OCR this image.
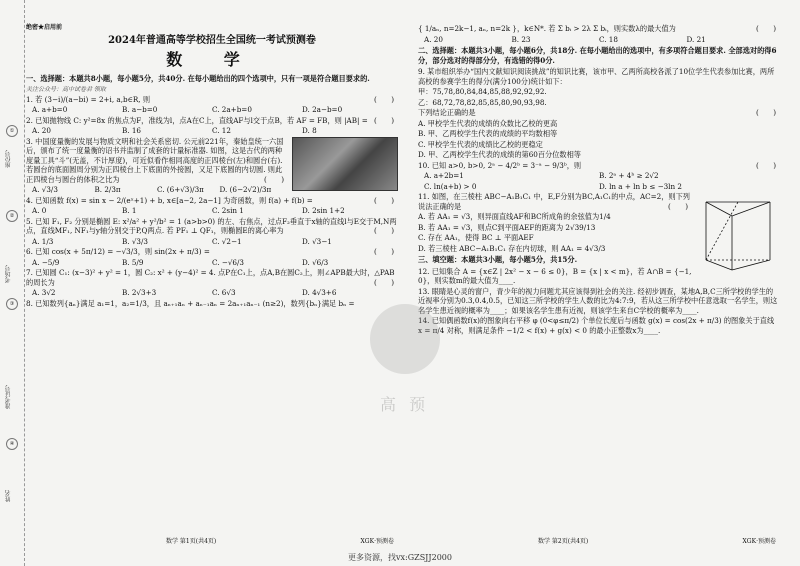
座位号
考场号
准考证号
姓名
①
②
③
④
绝密★启用前
2024年普通高等学校招生全国统一考试预测卷
数 学
一、选择题：本题共8小题，每小题5分，共40分. 在每小题给出的四个选项中，只有一项是符合题目要求的.
关注公众号：高中试卷君 领取
1. 若 (3−i)/(a−bi) = 2+i, a,b∈R, 则	(　　)
A. a+b=0	B. a−b=0	C. 2a+b=0	D. 2a−b=0
2. 已知抛物线 C: y²=8x 的焦点为F，准线为l，点A在C上，直线AF与l交于点B，若 AF = FB，则 |AB| = (　　)
A. 20	B. 16	C. 12	D. 8
3. 中国度量衡的发展与物质文明和社会关系密切. 公元前221年，秦始皇统一六国后，颁布了统一度量衡的诏书并监制了成套的计量标准器. 如图，这是古代的两种度量工具“斗”(无盖，不计厚度)，可近似看作相同高度的正四棱台(左)和圆台(右). 若圆台的底面圆周分别为正四棱台上下底面的外接圆，又足下底圆的内切圆. 则此正四棱台与圆台的体积之比为	(　　)
A. √3/3	B. 2/3π	C. (6+√3)/3π	D. (6−2√2)/3π
4. 已知函数 f(x) = sin x − 2/(eˣ+1) + b, x∈[a−2, 2a−1] 为奇函数，则 f(a) + f(b) =	(　　)
A. 0	B. 1	C. 2sin 1	D. 2sin 1+2
5. 已知 F₁, F₂ 分别是椭圆 E: x²/a² + y²/b² = 1 (a>b>0) 的左、右焦点，过点F₂垂直于x轴的直线l与E交于M,N两点，直线MF₁, NF₁与y轴分别交于P,Q两点. 若 PF₁ ⊥ QF₁，则椭圆E的离心率为	(　　)
A. 1/3	B. √3/3	C. √2−1	D. √3−1
6. 已知 cos(x + 5π/12) = −√3/3，则 sin(2x + π/3) =	(　　)
A. −5/9	B. 5/9	C. −√6/3	D. √6/3
7. 已知圆 C₁: (x−3)² + y² = 1，圆 C₂: x² + (y−4)² = 4. 点P在C₁上，点A,B在圆C₂上，则∠APB最大时，△PAB的周长为	(　　)
A. 3√2	B. 2√3+3	C. 6√3	D. 4√3+6
8. 已知数列{aₙ}满足 a₁=1，a₂=1/3，且 aₙ₊₁aₙ + aₙ₋₁aₙ = 2aₙ₊₁aₙ₋₁ (n≥2)，数列{bₙ}满足 bₙ =
数学 第1页(共4页)	XGK·预测卷
{ 1/aₙ, n=2k−1, aₙ, n=2k }，k∈N*. 若 Σ bᵢ > 2λ Σ bᵢ，则实数λ的最大值为	(　　)
A. 20	B. 23	C. 18	D. 21
二、选择题：本题共3小题，每小题6分，共18分. 在每小题给出的选项中，有多项符合题目要求. 全部选对的得6分，部分选对的得部分分，有选错的得0分.
9. 某市组织举办“国内文献知识阅读挑战”的知识比赛，该市甲、乙两所高校各派了10位学生代表参加比赛，两所高校的参赛学生的得分(满分100分)统计如下：
甲：75,78,80,84,84,85,88,92,92,92.
乙：68,72,78,82,85,85,80,90,93,98.
下列结论正确的是	(　　)
A. 甲校学生代表的成绩的众数比乙校的更高
B. 甲、乙两校学生代表的成绩的平均数相等
C. 甲校学生代表的成绩比乙校的更稳定
D. 甲、乙两校学生代表的成绩的第60百分位数相等
10. 已知 a>0, b>0, 2ᵃ − 4/2ᵇ = 3⁻ᵃ − 9/3ᵇ，则	(　　)
A. a+2b=1	B. 2ᵃ + 4ᵇ ≥ 2√2
C. ln(a+b) > 0	D. ln a + ln b ≤ −3ln 2
11. 如图，在三棱柱 ABC−A₁B₁C₁ 中，E,F分别为BC,A₁C₁的中点，AC=2，则下列说法正确的是	(　　)
A. 若 AA₁ = √3，则异面直线AF和BC所成角的余弦值为1/4
B. 若 AA₁ = √3，则点C到平面AEF的距离为 2√39/13
C. 存在 AA₁，使得 BC ⊥ 平面AEF
D. 若三棱柱 ABC−A₁B₁C₁ 存在内切球，则 AA₁ = 4√3/3
三、填空题：本题共3小题，每小题5分，共15分.
12. 已知集合 A = {x∈Z | 2x² − x − 6 ≤ 0}，B = {x | x < m}，若 A∩B = {−1, 0}，则实数m的最大值为____.
13. 眼睛是心灵的窗户，青少年的视力问题尤其应该得到社会的关注. 经初步调查，某地A,B,C三所学校的学生的近视率分别为0.3,0.4,0.5，已知这三所学校的学生人数的比为4:7:9，若从这三所学校中任意选取一名学生，则这名学生患近视的概率为____；如果该名学生患有近视，则该学生来自C学校的概率为____.
14. 已知偶函数f(x)的图象向右平移 φ (0<φ≤π/2) 个单位长度后与函数 g(x) = cos(2x + π/3) 的图象关于直线 x = π/4 对称，则满足条件 −1/2 < f(x) + g(x) < 0 的最小正整数x为____.
数学 第2页(共4页)	XGK·预测卷
高 预
更多资源，找vx:GZSJJ2000
